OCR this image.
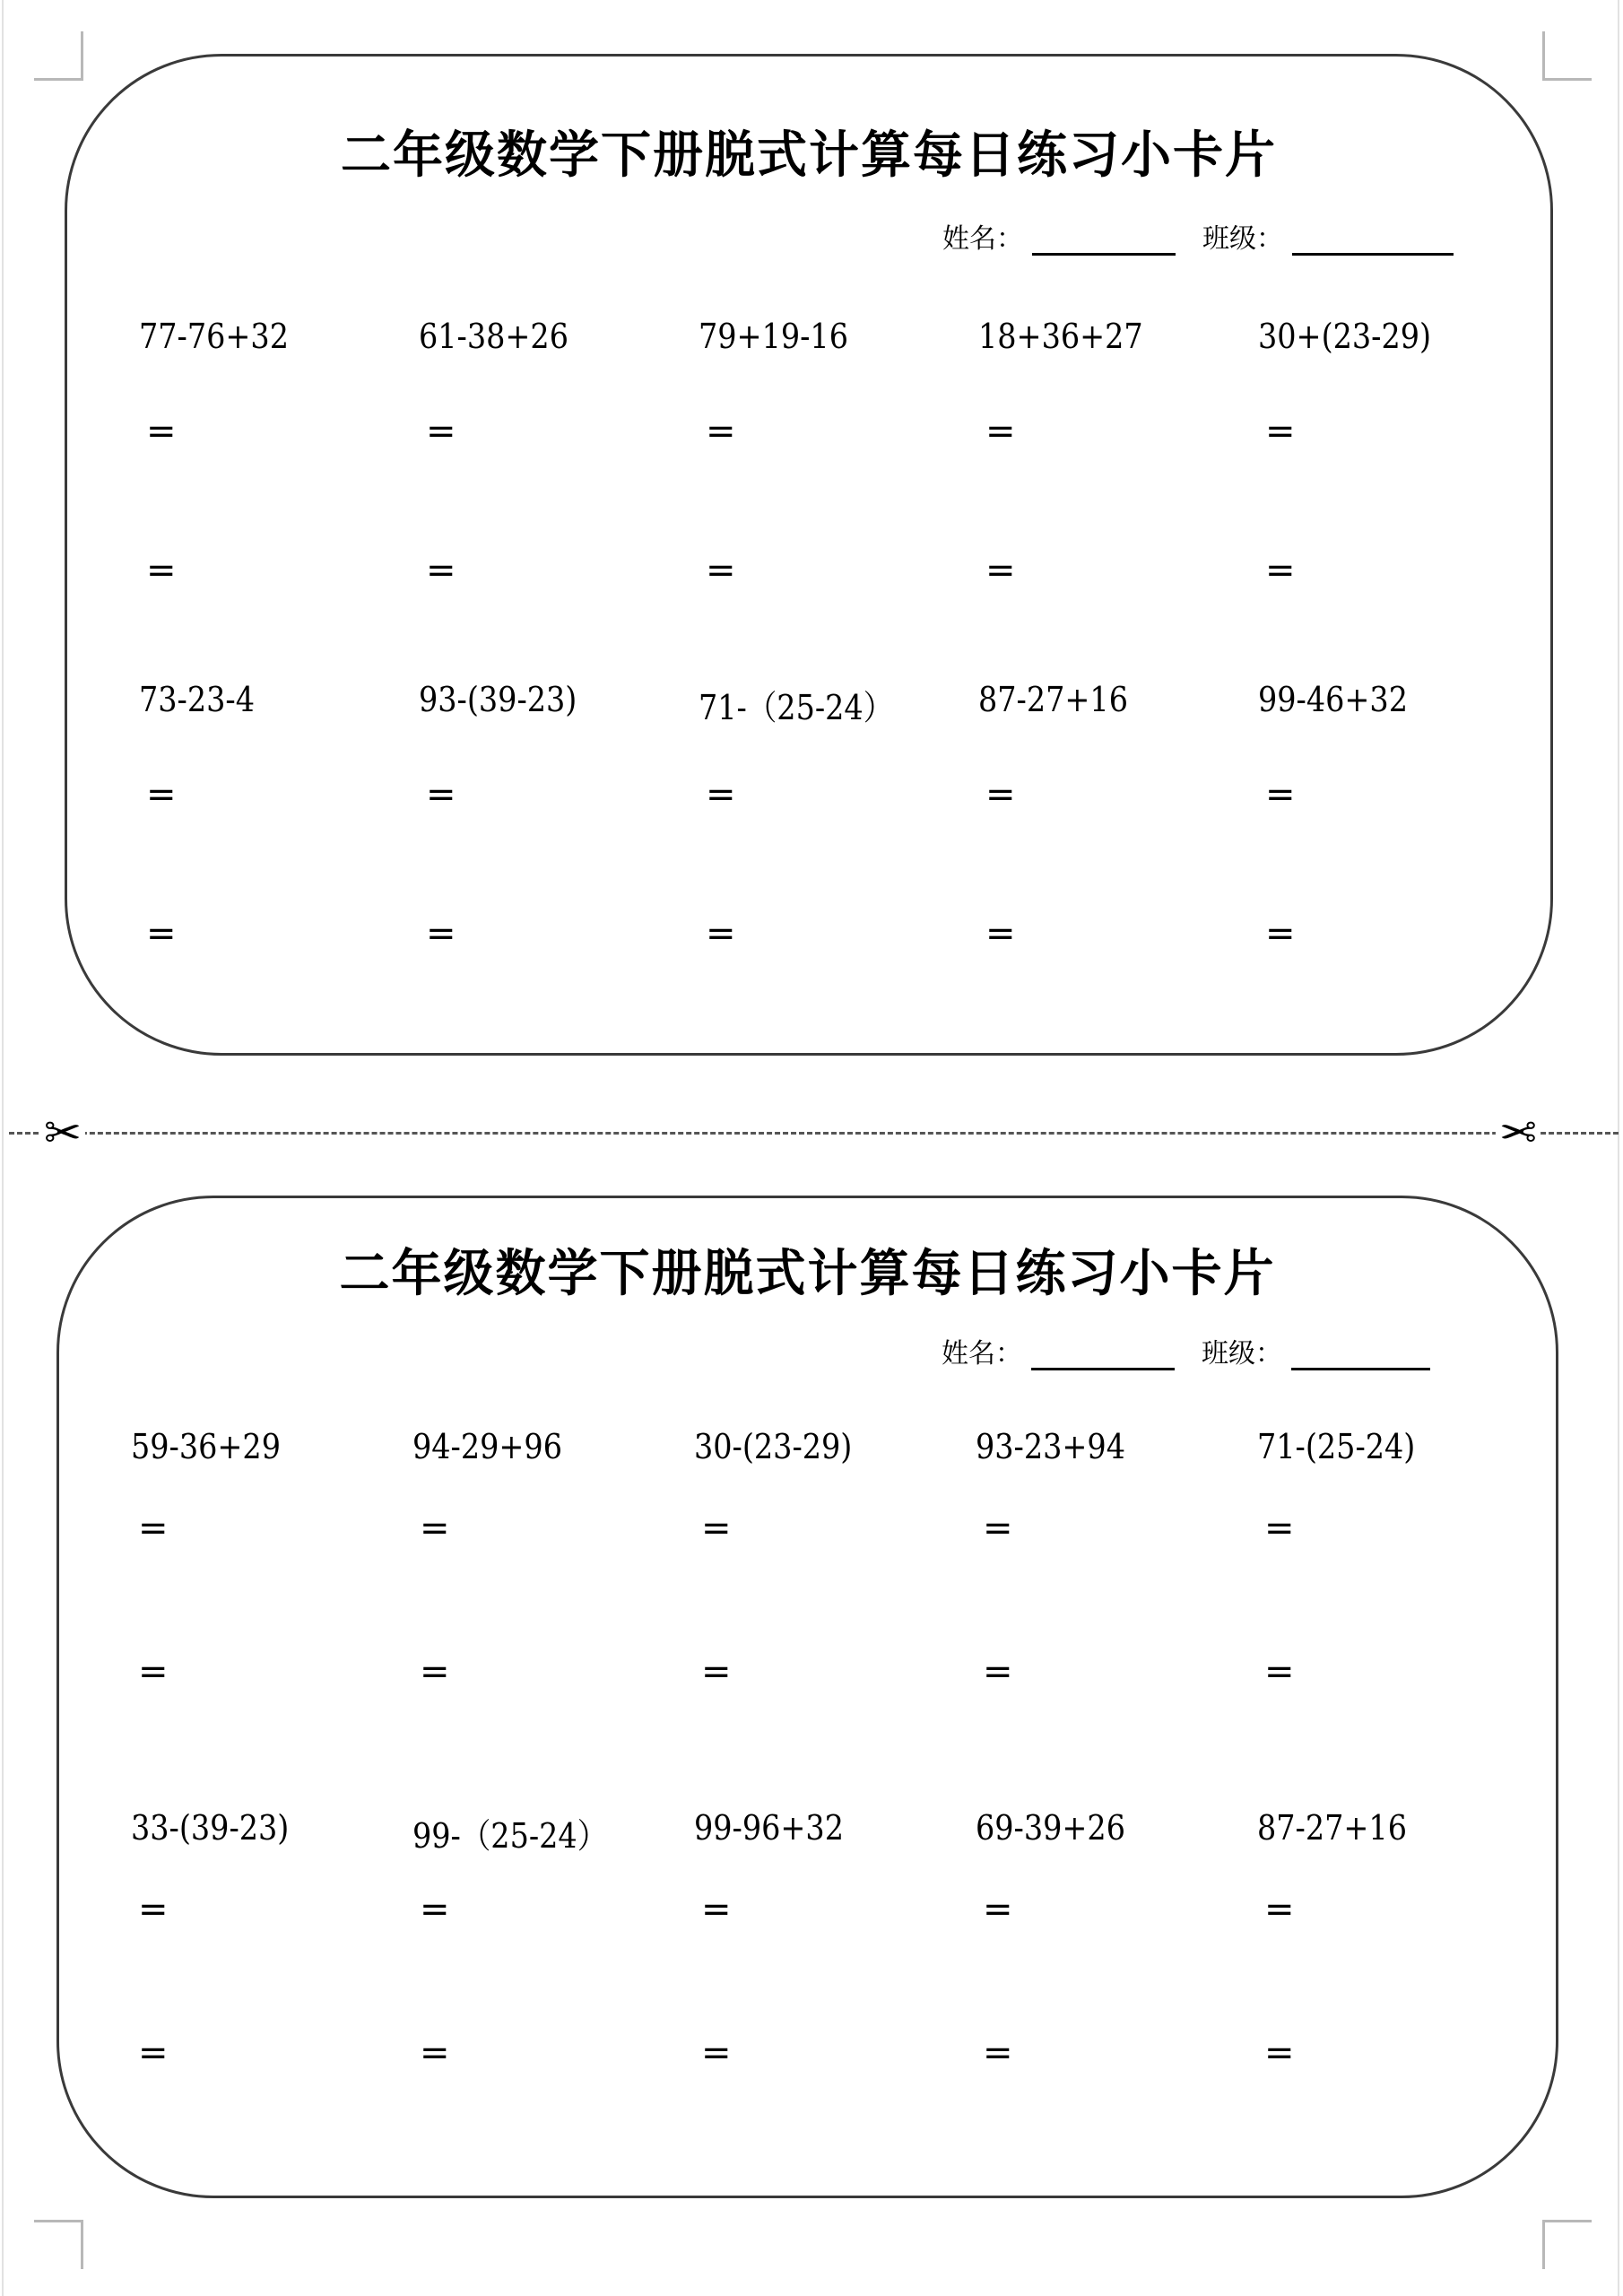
二年级数学下册脱式计算每日练习小卡片
姓名：	班级：
77-76+32
=
=
61-38+26
=
=
79+19-16
=
=
18+36+27
=
=
30+(23-29)
=
=
73-23-4
=
=
93-(39-23)
=
=
71-（25-24）
=
=
87-27+16
=
=
99-46+32
=
=
✂	✂
二年级数学下册脱式计算每日练习小卡片
姓名：	班级：
59-36+29
=
=
94-29+96
=
=
30-(23-29)
=
=
93-23+94
=
=
71-(25-24)
=
=
33-(39-23)
=
=
99-（25-24）
=
=
99-96+32
=
=
69-39+26
=
=
87-27+16
=
=
